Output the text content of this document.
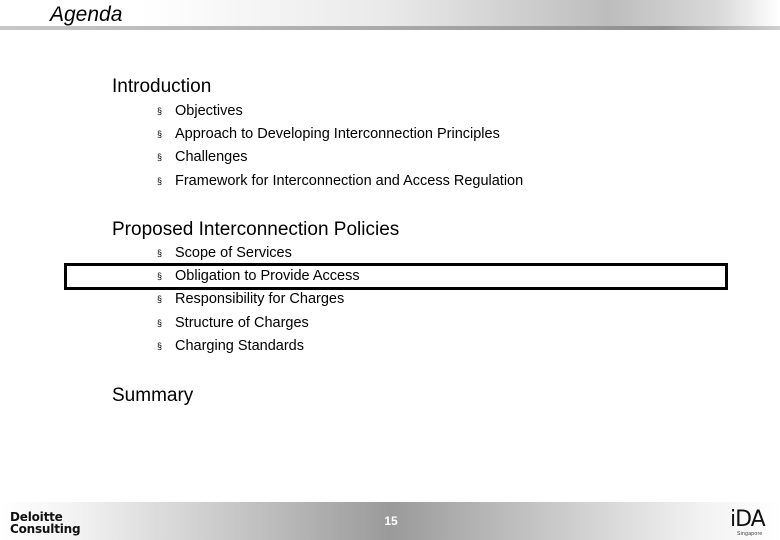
Agenda
Introduction
§ Objectives
§ Approach to Developing Interconnection Principles
§ Challenges
§ Framework for Interconnection and Access Regulation
Proposed Interconnection Policies
§ Scope of Services
§ Obligation to Provide Access
§ Responsibility for Charges
§ Structure of Charges
§ Charging Standards
Summary
Deloitte
Consulting
15	iDA
Singapore
